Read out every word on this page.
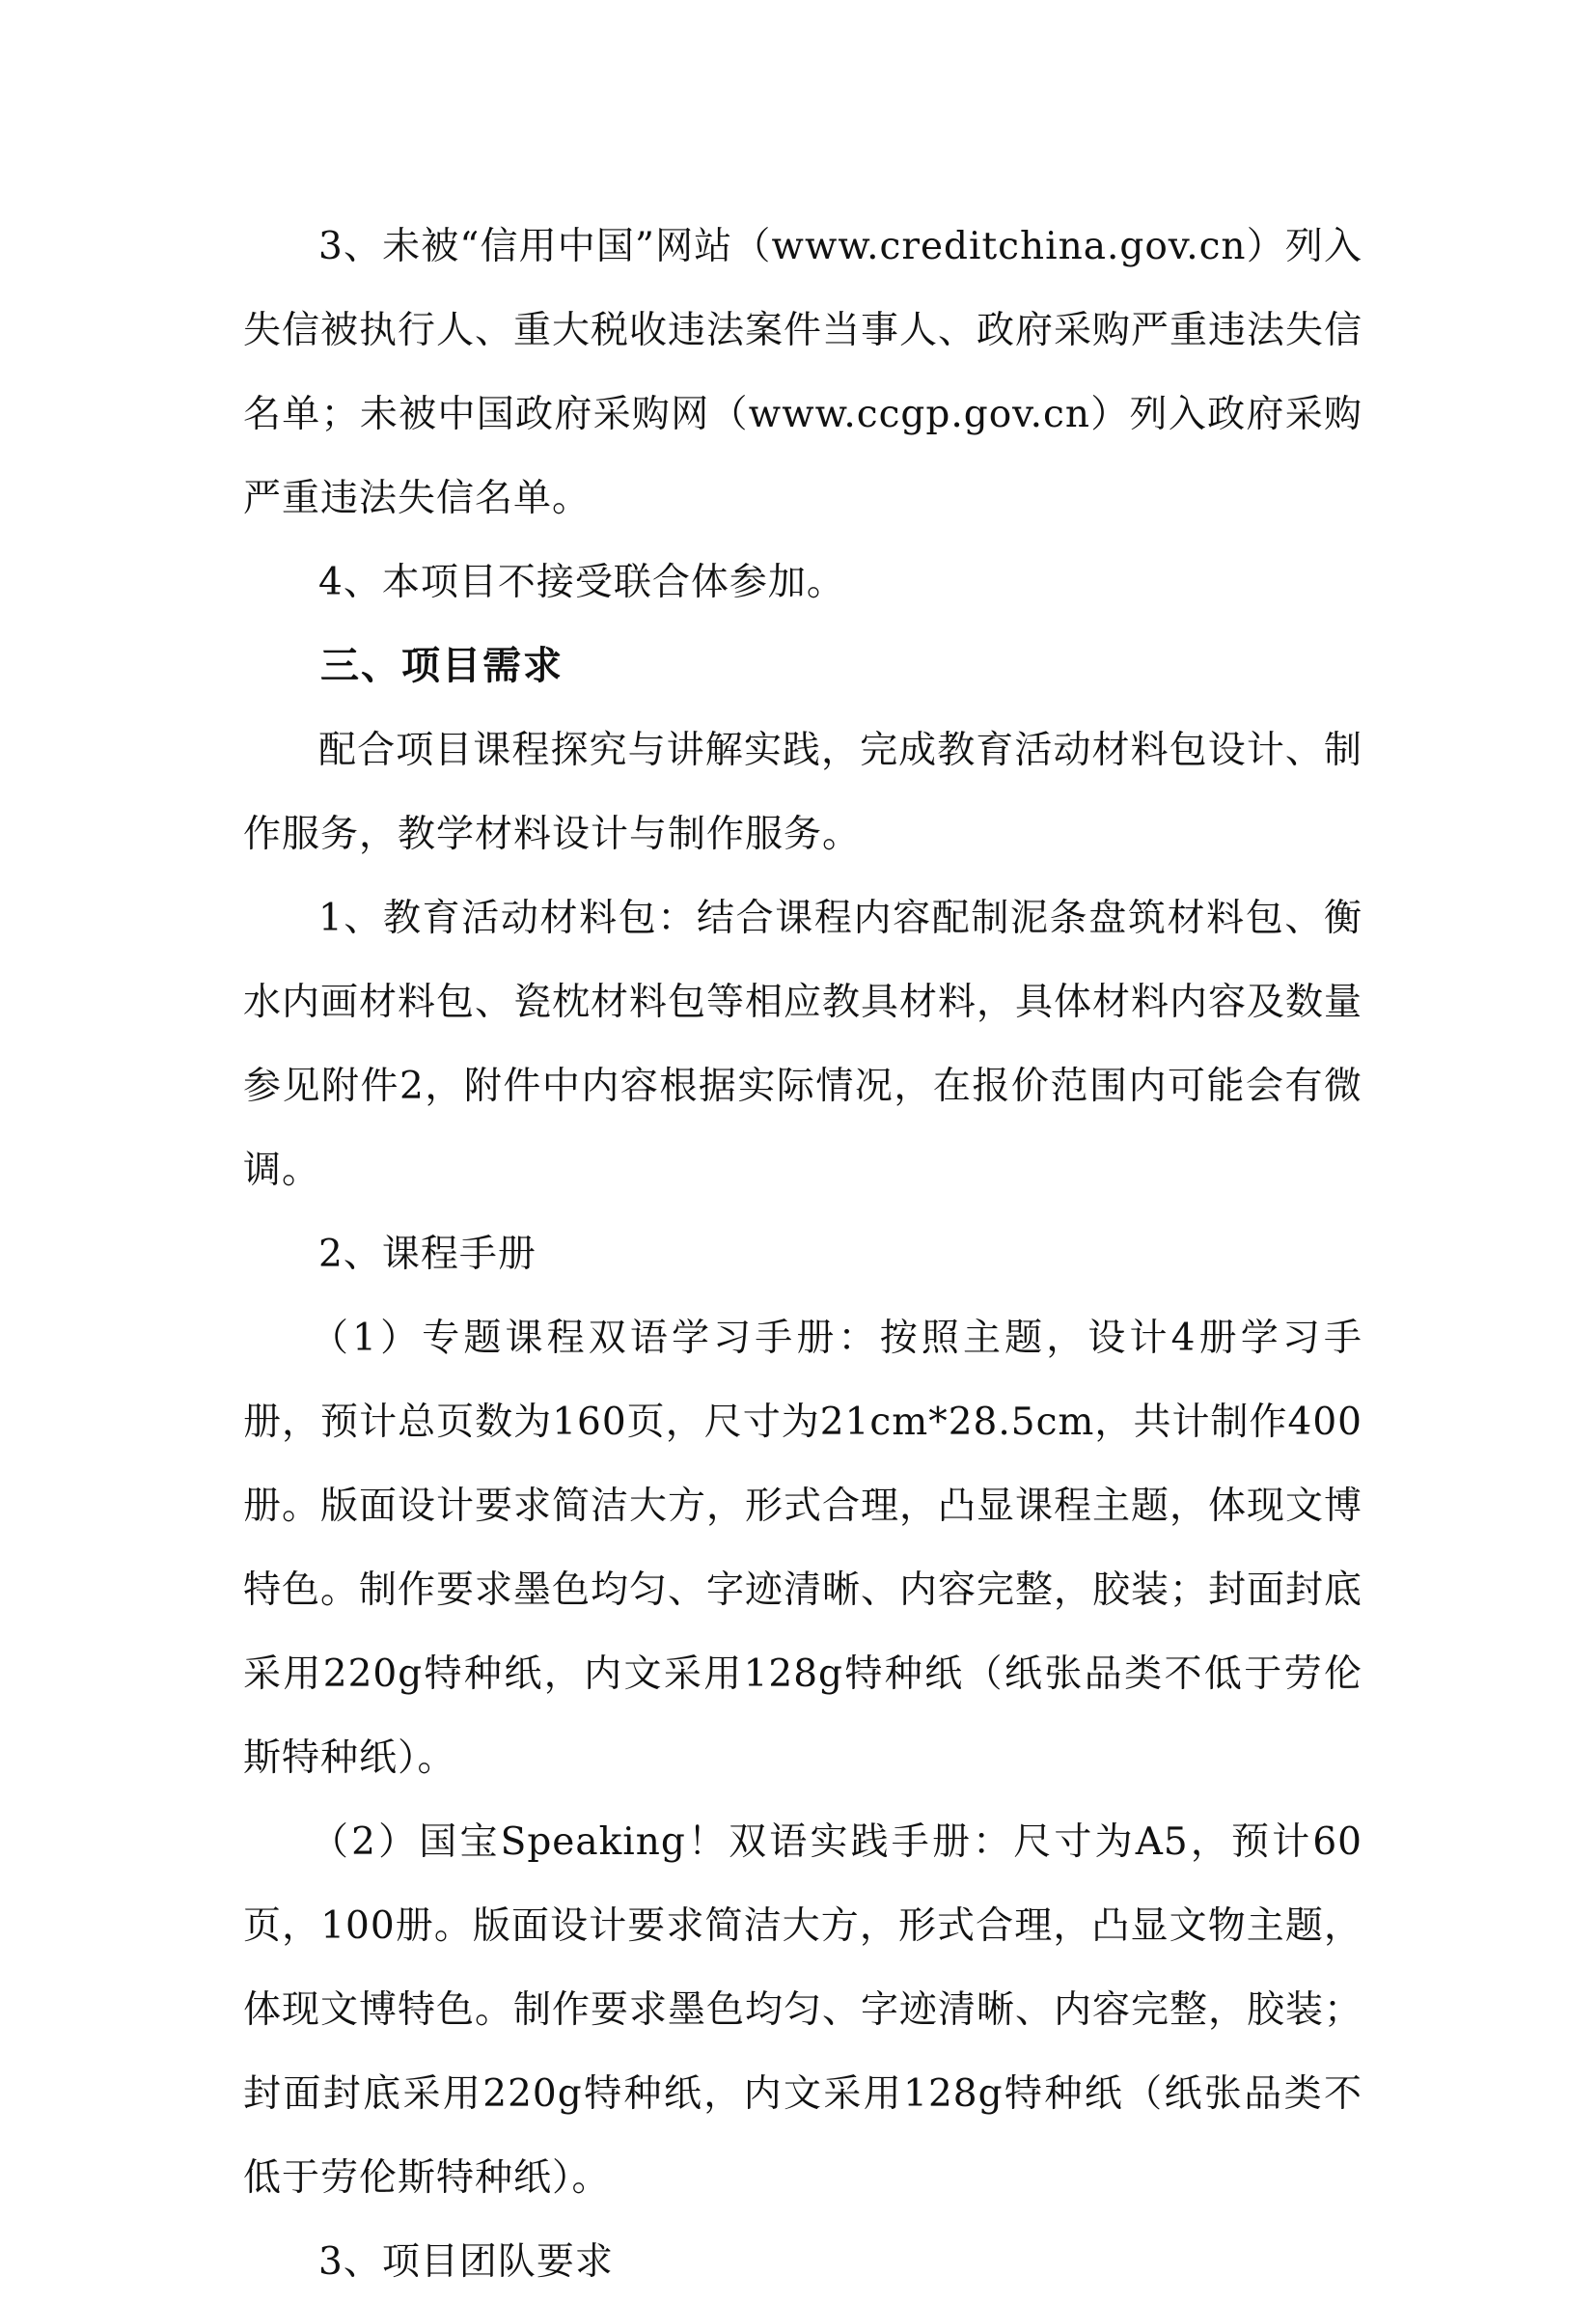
3、未被“信用中国”网站（www.creditchina.gov.cn）列入失信被执行人、重大税收违法案件当事人、政府采购严重违法失信名单；未被中国政府采购网（www.ccgp.gov.cn）列入政府采购严重违法失信名单。

4、本项目不接受联合体参加。

三、项目需求

配合项目课程探究与讲解实践，完成教育活动材料包设计、制作服务，教学材料设计与制作服务。

1、教育活动材料包：结合课程内容配制泥条盘筑材料包、衡水内画材料包、瓷枕材料包等相应教具材料，具体材料内容及数量参见附件2，附件中内容根据实际情况，在报价范围内可能会有微调。

2、课程手册

（1）专题课程双语学习手册：按照主题，设计4册学习手册，预计总页数为160页，尺寸为21cm*28.5cm，共计制作400册。版面设计要求简洁大方，形式合理，凸显课程主题，体现文博特色。制作要求墨色均匀、字迹清晰、内容完整，胶装；封面封底采用220g特种纸，内文采用128g特种纸（纸张品类不低于劳伦斯特种纸）。

（2）国宝Speaking！双语实践手册：尺寸为A5，预计60页，100册。版面设计要求简洁大方，形式合理，凸显文物主题，体现文博特色。制作要求墨色均匀、字迹清晰、内容完整，胶装；封面封底采用220g特种纸，内文采用128g特种纸（纸张品类不低于劳伦斯特种纸）。

3、项目团队要求
